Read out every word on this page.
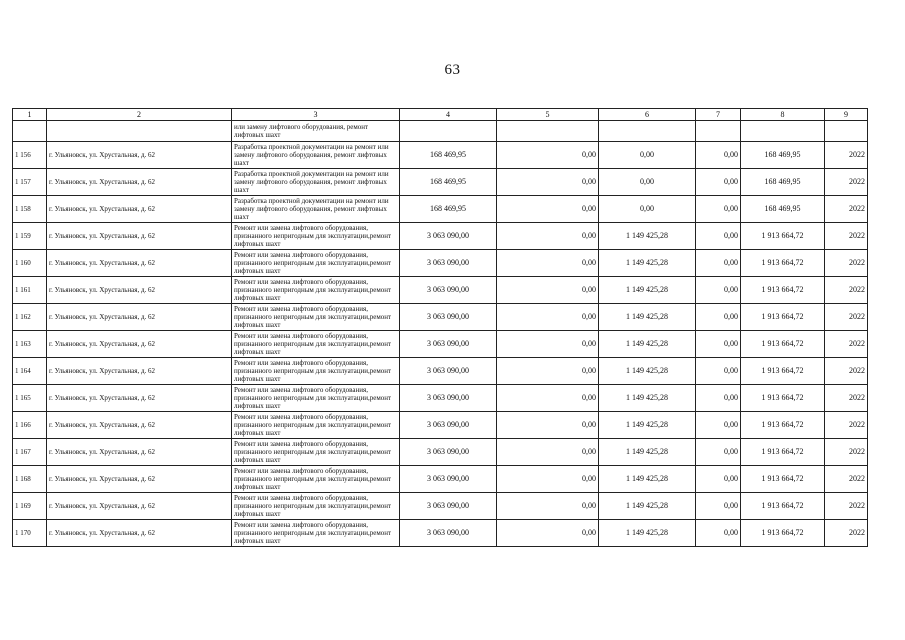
63
1	2	3	4	5	6	7	8	9
		или замену лифтового оборудования, ремонт лифтовых шахт						
1 156	г. Ульяновск, ул. Хрустальная, д. 62	Разработка проектной документации на ремонт или замену лифтового оборудования, ремонт лифтовых шахт	168 469,95	0,00	0,00	0,00	168 469,95	2022
1 157	г. Ульяновск, ул. Хрустальная, д. 62	Разработка проектной документации на ремонт или замену лифтового оборудования, ремонт лифтовых шахт	168 469,95	0,00	0,00	0,00	168 469,95	2022
1 158	г. Ульяновск, ул. Хрустальная, д. 62	Разработка проектной документации на ремонт или замену лифтового оборудования, ремонт лифтовых шахт	168 469,95	0,00	0,00	0,00	168 469,95	2022
1 159	г. Ульяновск, ул. Хрустальная, д. 62	Ремонт или замена лифтового оборудования, признанного непригодным для эксплуатации,ремонт лифтовых шахт	3 063 090,00	0,00	1 149 425,28	0,00	1 913 664,72	2022
1 160	г. Ульяновск, ул. Хрустальная, д. 62	Ремонт или замена лифтового оборудования, признанного непригодным для эксплуатации,ремонт лифтовых шахт	3 063 090,00	0,00	1 149 425,28	0,00	1 913 664,72	2022
1 161	г. Ульяновск, ул. Хрустальная, д. 62	Ремонт или замена лифтового оборудования, признанного непригодным для эксплуатации,ремонт лифтовых шахт	3 063 090,00	0,00	1 149 425,28	0,00	1 913 664,72	2022
1 162	г. Ульяновск, ул. Хрустальная, д. 62	Ремонт или замена лифтового оборудования, признанного непригодным для эксплуатации,ремонт лифтовых шахт	3 063 090,00	0,00	1 149 425,28	0,00	1 913 664,72	2022
1 163	г. Ульяновск, ул. Хрустальная, д. 62	Ремонт или замена лифтового оборудования, признанного непригодным для эксплуатации,ремонт лифтовых шахт	3 063 090,00	0,00	1 149 425,28	0,00	1 913 664,72	2022
1 164	г. Ульяновск, ул. Хрустальная, д. 62	Ремонт или замена лифтового оборудования, признанного непригодным для эксплуатации,ремонт лифтовых шахт	3 063 090,00	0,00	1 149 425,28	0,00	1 913 664,72	2022
1 165	г. Ульяновск, ул. Хрустальная, д. 62	Ремонт или замена лифтового оборудования, признанного непригодным для эксплуатации,ремонт лифтовых шахт	3 063 090,00	0,00	1 149 425,28	0,00	1 913 664,72	2022
1 166	г. Ульяновск, ул. Хрустальная, д. 62	Ремонт или замена лифтового оборудования, признанного непригодным для эксплуатации,ремонт лифтовых шахт	3 063 090,00	0,00	1 149 425,28	0,00	1 913 664,72	2022
1 167	г. Ульяновск, ул. Хрустальная, д. 62	Ремонт или замена лифтового оборудования, признанного непригодным для эксплуатации,ремонт лифтовых шахт	3 063 090,00	0,00	1 149 425,28	0,00	1 913 664,72	2022
1 168	г. Ульяновск, ул. Хрустальная, д. 62	Ремонт или замена лифтового оборудования, признанного непригодным для эксплуатации,ремонт лифтовых шахт	3 063 090,00	0,00	1 149 425,28	0,00	1 913 664,72	2022
1 169	г. Ульяновск, ул. Хрустальная, д. 62	Ремонт или замена лифтового оборудования, признанного непригодным для эксплуатации,ремонт лифтовых шахт	3 063 090,00	0,00	1 149 425,28	0,00	1 913 664,72	2022
1 170	г. Ульяновск, ул. Хрустальная, д. 62	Ремонт или замена лифтового оборудования, признанного непригодным для эксплуатации,ремонт лифтовых шахт	3 063 090,00	0,00	1 149 425,28	0,00	1 913 664,72	2022
